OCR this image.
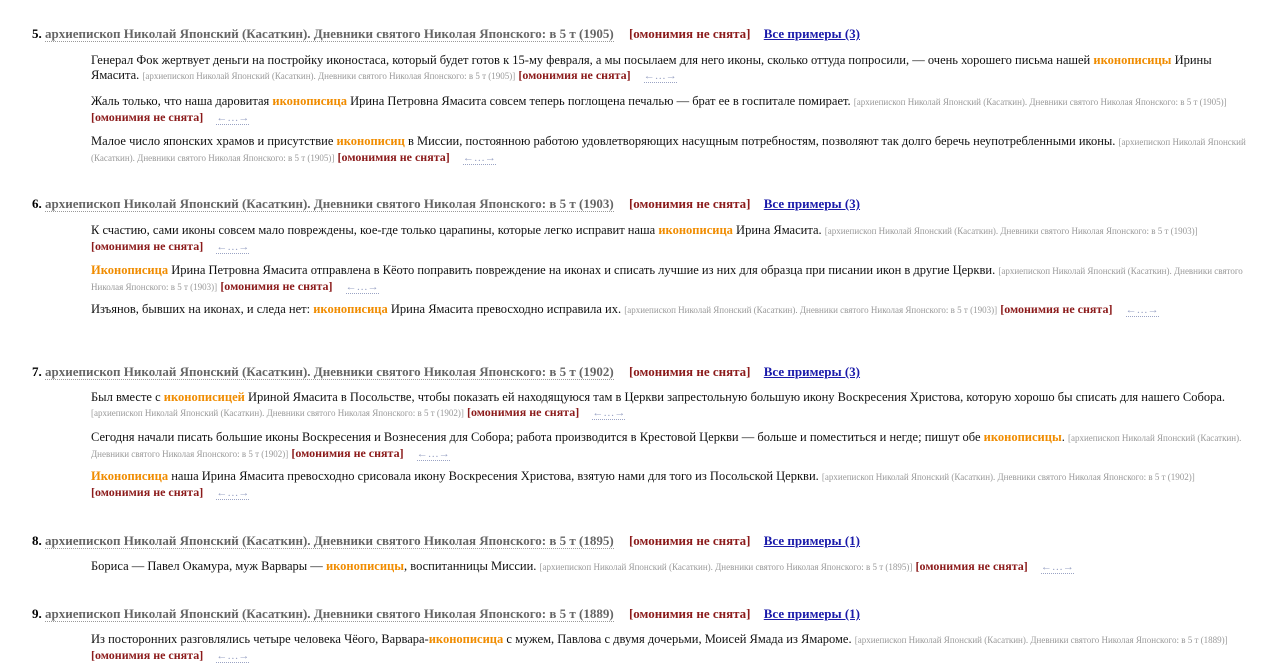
5. архиепископ Николай Японский (Касаткин). Дневники святого Николая Японского: в 5 т (1905) [омонимия не снята] Все примеры (3)
Генерал Фок жертвует деньги на постройку иконостаса, который будет готов к 15-му февраля, а мы посылаем для него иконы, сколько оттуда попросили, — очень хорошего письма нашей иконописицы Ирины Ямасита. [архиепископ Николай Японский (Касаткин). Дневники святого Николая Японского: в 5 т (1905)] [омонимия не снята] ←…→
Жаль только, что наша даровитая иконописица Ирина Петровна Ямасита совсем теперь поглощена печалью — брат ее в госпитале помирает. [архиепископ Николай Японский (Касаткин). Дневники святого Николая Японского: в 5 т (1905)] [омонимия не снята] ←…→
Малое число японских храмов и присутствие иконописиц в Миссии, постоянною работою удовлетворяющих насущным потребностям, позволяют так долго беречь неупотребленными иконы. [архиепископ Николай Японский (Касаткин). Дневники святого Николая Японского: в 5 т (1905)] [омонимия не снята] ←…→
6. архиепископ Николай Японский (Касаткин). Дневники святого Николая Японского: в 5 т (1903) [омонимия не снята] Все примеры (3)
К счастию, сами иконы совсем мало повреждены, кое-где только царапины, которые легко исправит наша иконописица Ирина Ямасита. [архиепископ Николай Японский (Касаткин). Дневники святого Николая Японского: в 5 т (1903)] [омонимия не снята] ←…→
Иконописица Ирина Петровна Ямасита отправлена в Кёото поправить повреждение на иконах и списать лучшие из них для образца при писании икон в другие Церкви. [архиепископ Николай Японский (Касаткин). Дневники святого Николая Японского: в 5 т (1903)] [омонимия не снята] ←…→
Изъянов, бывших на иконах, и следа нет: иконописица Ирина Ямасита превосходно исправила их. [архиепископ Николай Японский (Касаткин). Дневники святого Николая Японского: в 5 т (1903)] [омонимия не снята] ←…→
7. архиепископ Николай Японский (Касаткин). Дневники святого Николая Японского: в 5 т (1902) [омонимия не снята] Все примеры (3)
Был вместе с иконописицей Ириной Ямасита в Посольстве, чтобы показать ей находящуюся там в Церкви запрестольную большую икону Воскресения Христова, которую хорошо бы списать для нашего Собора. [архиепископ Николай Японский (Касаткин). Дневники святого Николая Японского: в 5 т (1902)] [омонимия не снята] ←…→
Сегодня начали писать большие иконы Воскресения и Вознесения для Собора; работа производится в Крестовой Церкви — больше и поместиться и негде; пишут обе иконописицы. [архиепископ Николай Японский (Касаткин). Дневники святого Николая Японского: в 5 т (1902)] [омонимия не снята] ←…→
Иконописица наша Ирина Ямасита превосходно срисовала икону Воскресения Христова, взятую нами для того из Посольской Церкви. [архиепископ Николай Японский (Касаткин). Дневники святого Николая Японского: в 5 т (1902)] [омонимия не снята] ←…→
8. архиепископ Николай Японский (Касаткин). Дневники святого Николая Японского: в 5 т (1895) [омонимия не снята] Все примеры (1)
Бориса — Павел Окамура, муж Варвары — иконописицы, воспитанницы Миссии. [архиепископ Николай Японский (Касаткин). Дневники святого Николая Японского: в 5 т (1895)] [омонимия не снята] ←…→
9. архиепископ Николай Японский (Касаткин). Дневники святого Николая Японского: в 5 т (1889) [омонимия не снята] Все примеры (1)
Из посторонних разговлялись четыре человека Чёого, Варвара-иконописица с мужем, Павлова с двумя дочерьми, Моисей Ямада из Ямароме. [архиепископ Николай Японский (Касаткин). Дневники святого Николая Японского: в 5 т (1889)] [омонимия не снята] ←…→
